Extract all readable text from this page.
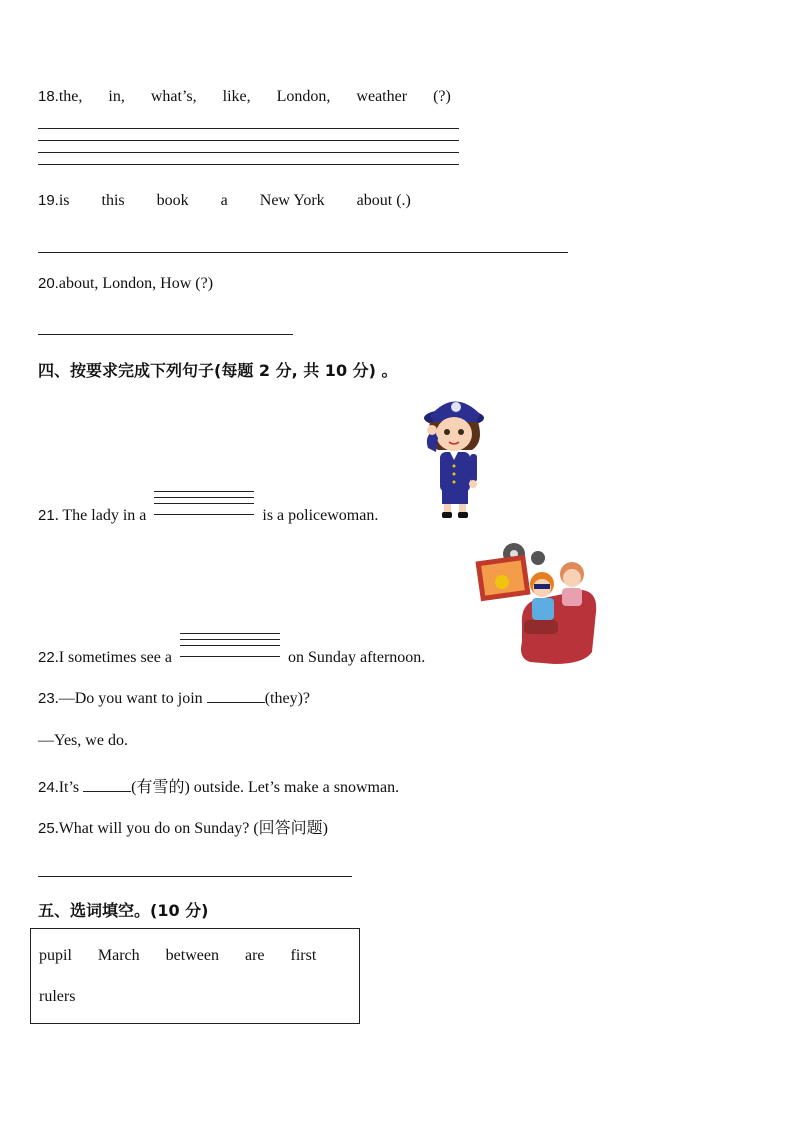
18.the, in, what’s, like, London, weather (?)
19.is this book a New York about (.)
20.about, London, How (?)
四、按要求完成下列句子(每题 2 分, 共 10 分) 。
21. The lady in a	is a policewoman.
22.I sometimes see a	on Sunday afternoon.
23.—Do you want to join	(they)?
—Yes, we do.
24.It’s	(有雪的) outside. Let’s make a snowman.
25.What will you do on Sunday? (回答问题)
五、选词填空。(10 分)
pupil March between are first
rulers
